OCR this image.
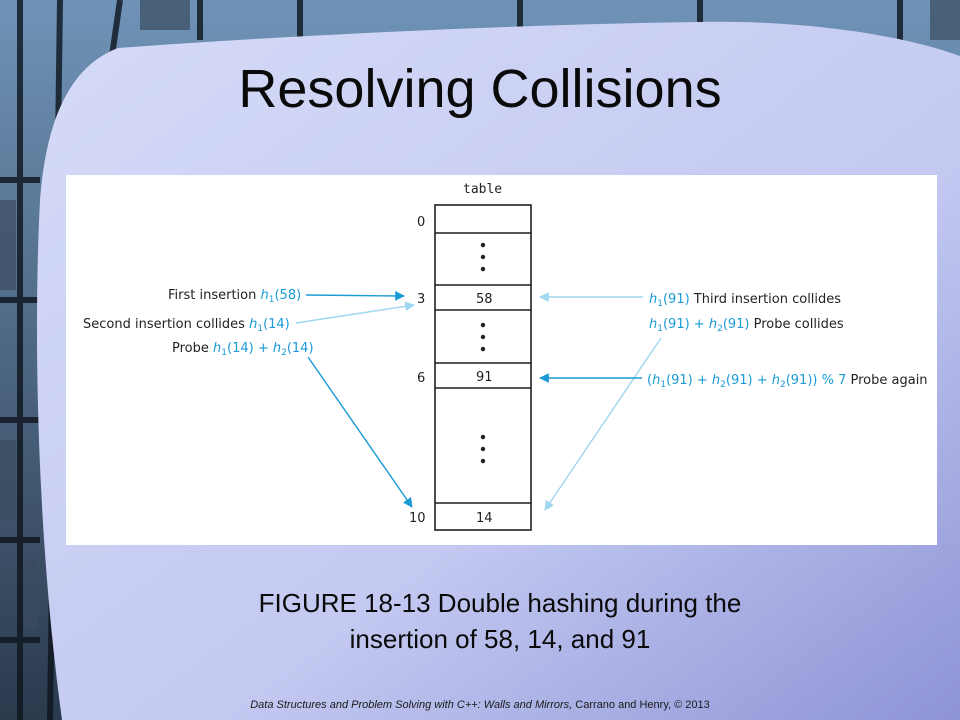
Resolving Collisions
table
0
3
6
10
58
91
14
First insertion $h_1(58)$
Second insertion collides $h_1(14)$
Probe $h_1(14) + h_2(14)$
$h_1(91)$ Third insertion collides
$h_1(91) + h_2(91)$ Probe collides
$(h_1(91) + h_2(91) + h_2(91))$ % 7 Probe again
FIGURE 18-13 Double hashing during the
insertion of 58, 14, and 91
Data Structures and Problem Solving with C++: Walls and Mirrors, Carrano and Henry, © 2013
